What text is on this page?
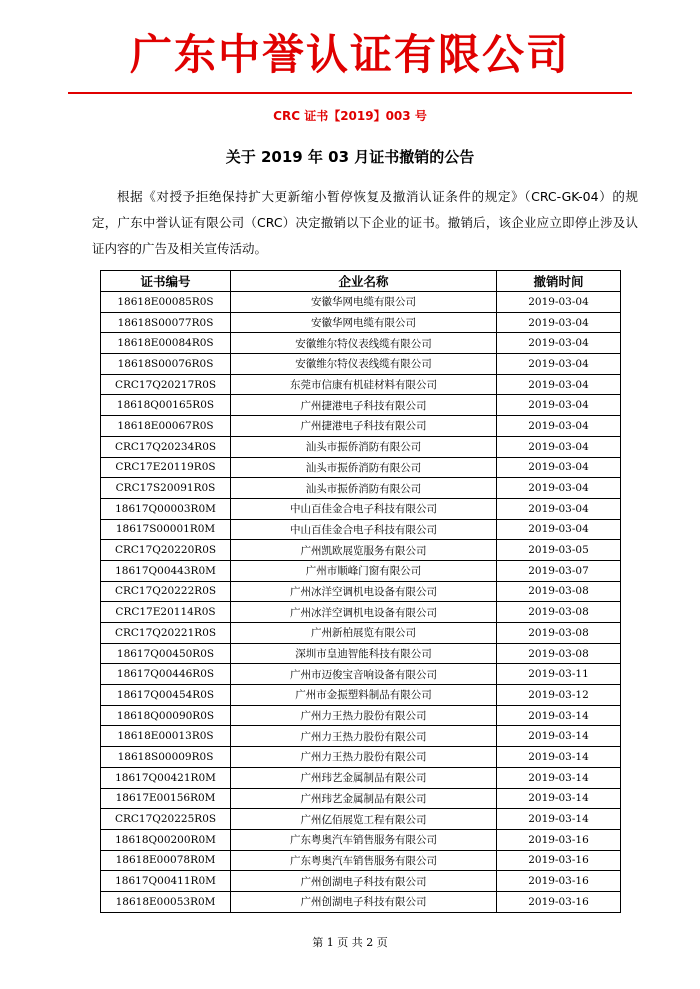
广东中誉认证有限公司
CRC 证书【2019】003 号
关于 2019 年 03 月证书撤销的公告
根据《对授予拒绝保持扩大更新缩小暂停恢复及撤消认证条件的规定》（CRC-GK-04）的规定，广东中誉认证有限公司（CRC）决定撤销以下企业的证书。撤销后，该企业应立即停止涉及认证内容的广告及相关宣传活动。
证书编号	企业名称	撤销时间
18618E00085R0S	安徽华网电缆有限公司	2019-03-04
18618S00077R0S	安徽华网电缆有限公司	2019-03-04
18618E00084R0S	安徽维尔特仪表线缆有限公司	2019-03-04
18618S00076R0S	安徽维尔特仪表线缆有限公司	2019-03-04
CRC17Q20217R0S	东莞市信康有机硅材料有限公司	2019-03-04
18618Q00165R0S	广州捷港电子科技有限公司	2019-03-04
18618E00067R0S	广州捷港电子科技有限公司	2019-03-04
CRC17Q20234R0S	汕头市振侨消防有限公司	2019-03-04
CRC17E20119R0S	汕头市振侨消防有限公司	2019-03-04
CRC17S20091R0S	汕头市振侨消防有限公司	2019-03-04
18617Q00003R0M	中山百佳金合电子科技有限公司	2019-03-04
18617S00001R0M	中山百佳金合电子科技有限公司	2019-03-04
CRC17Q20220R0S	广州凯欧展览服务有限公司	2019-03-05
18617Q00443R0M	广州市顺峰门窗有限公司	2019-03-07
CRC17Q20222R0S	广州冰洋空调机电设备有限公司	2019-03-08
CRC17E20114R0S	广州冰洋空调机电设备有限公司	2019-03-08
CRC17Q20221R0S	广州新柏展览有限公司	2019-03-08
18617Q00450R0S	深圳市皇迪智能科技有限公司	2019-03-08
18617Q00446R0S	广州市迈俊宝音响设备有限公司	2019-03-11
18617Q00454R0S	广州市金振塑料制品有限公司	2019-03-12
18618Q00090R0S	广州力王热力股份有限公司	2019-03-14
18618E00013R0S	广州力王热力股份有限公司	2019-03-14
18618S00009R0S	广州力王热力股份有限公司	2019-03-14
18617Q00421R0M	广州玮艺金属制品有限公司	2019-03-14
18617E00156R0M	广州玮艺金属制品有限公司	2019-03-14
CRC17Q20225R0S	广州亿佰展览工程有限公司	2019-03-14
18618Q00200R0M	广东粤奥汽车销售服务有限公司	2019-03-16
18618E00078R0M	广东粤奥汽车销售服务有限公司	2019-03-16
18617Q00411R0M	广州创湖电子科技有限公司	2019-03-16
18618E00053R0M	广州创湖电子科技有限公司	2019-03-16
第 1 页 共 2 页
